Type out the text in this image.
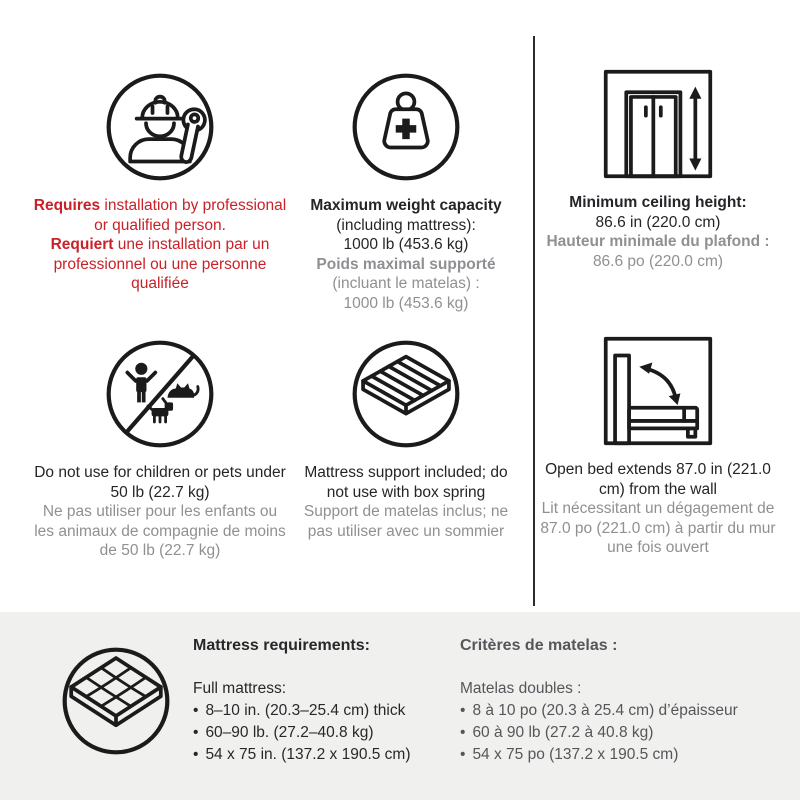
Requires installation by professional or qualified person.

Requiert une installation par un professionnel ou une personne qualifiée

Maximum weight capacity
(including mattress):
1000 lb (453.6 kg)
Poids maximal supporté
(incluant le matelas) :
1000 lb (453.6 kg)
Minimum ceiling height:
86.6 in (220.0 cm)
Hauteur minimale du plafond :
86.6 po (220.0 cm)

Do not use for children or pets under 50 lb (22.7 kg)

Ne pas utiliser pour les enfants ou les animaux de compagnie de moins de 50 lb (22.7 kg)

Mattress support included; do not use with box spring

Support de matelas inclus; ne pas utiliser avec un sommier

Open bed extends 87.0 in (221.0 cm) from the wall

Lit nécessitant un dégagement de 87.0 po (221.0 cm) à partir du mur une fois ouvert

Mattress requirements:

Full mattress:

• 8–10 in. (20.3–25.4 cm) thick
• 60–90 lb. (27.2–40.8 kg)
• 54 x 75 in. (137.2 x 190.5 cm)
Critères de matelas :

Matelas doubles :

• 8 à 10 po (20.3 à 25.4 cm) d’épaisseur
• 60 à 90 lb (27.2 à 40.8 kg)
• 54 x 75 po (137.2 x 190.5 cm)
